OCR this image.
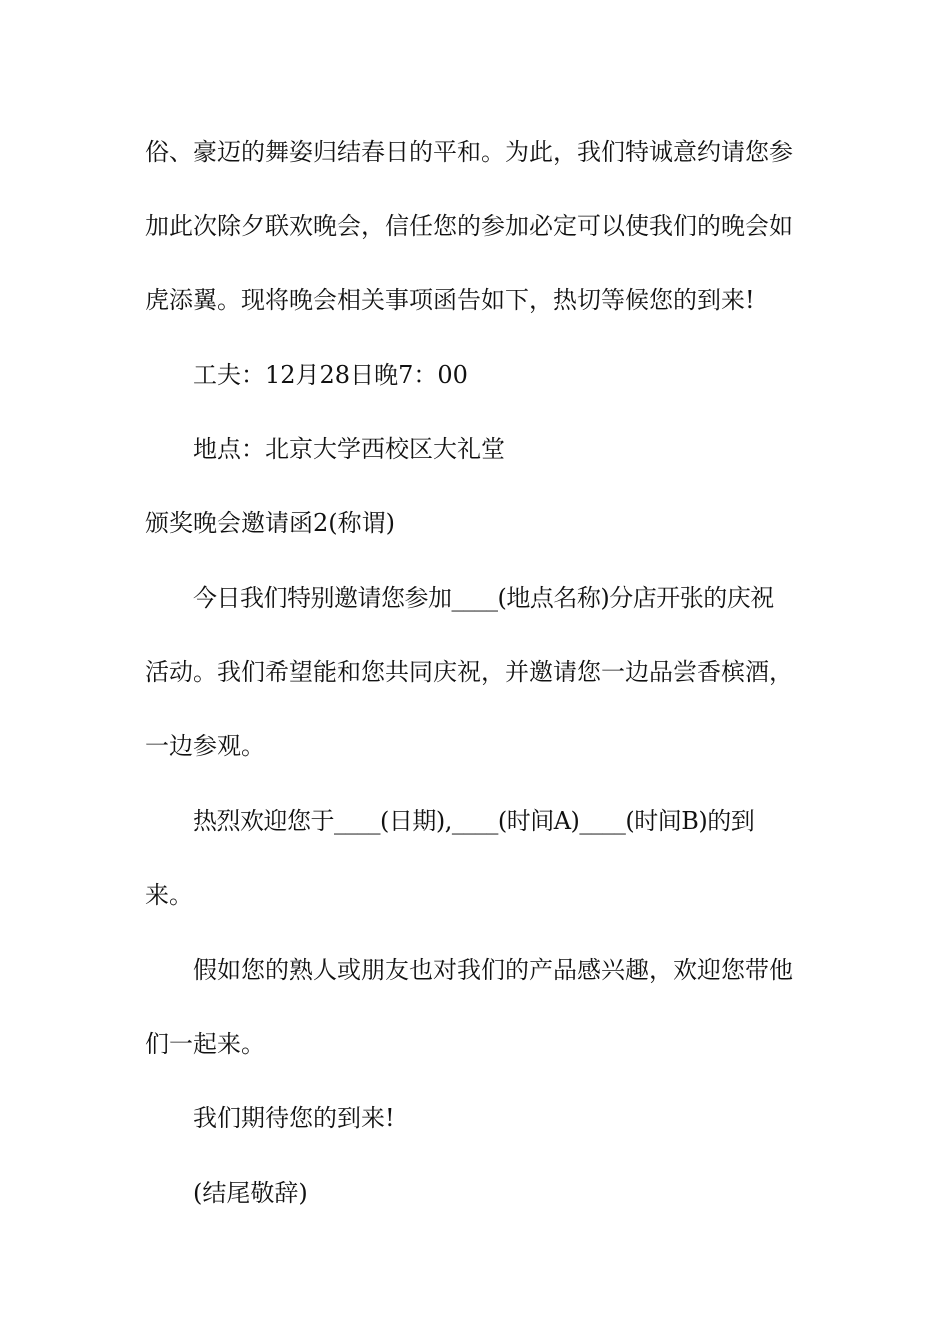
俗、豪迈的舞姿归结春日的平和。为此，我们特诚意约请您参

加此次除夕联欢晚会，信任您的参加必定可以使我们的晚会如

虎添翼。现将晚会相关事项函告如下，热切等候您的到来!

工夫：12月28日晚7：00

地点：北京大学西校区大礼堂

颁奖晚会邀请函2(称谓)

今日我们特别邀请您参加____(地点名称)分店开张的庆祝

活动。我们希望能和您共同庆祝，并邀请您一边品尝香槟酒，

一边参观。

热烈欢迎您于____(日期),____(时间A)____(时间B)的到

来。

假如您的熟人或朋友也对我们的产品感兴趣，欢迎您带他

们一起来。

我们期待您的到来!

(结尾敬辞)
